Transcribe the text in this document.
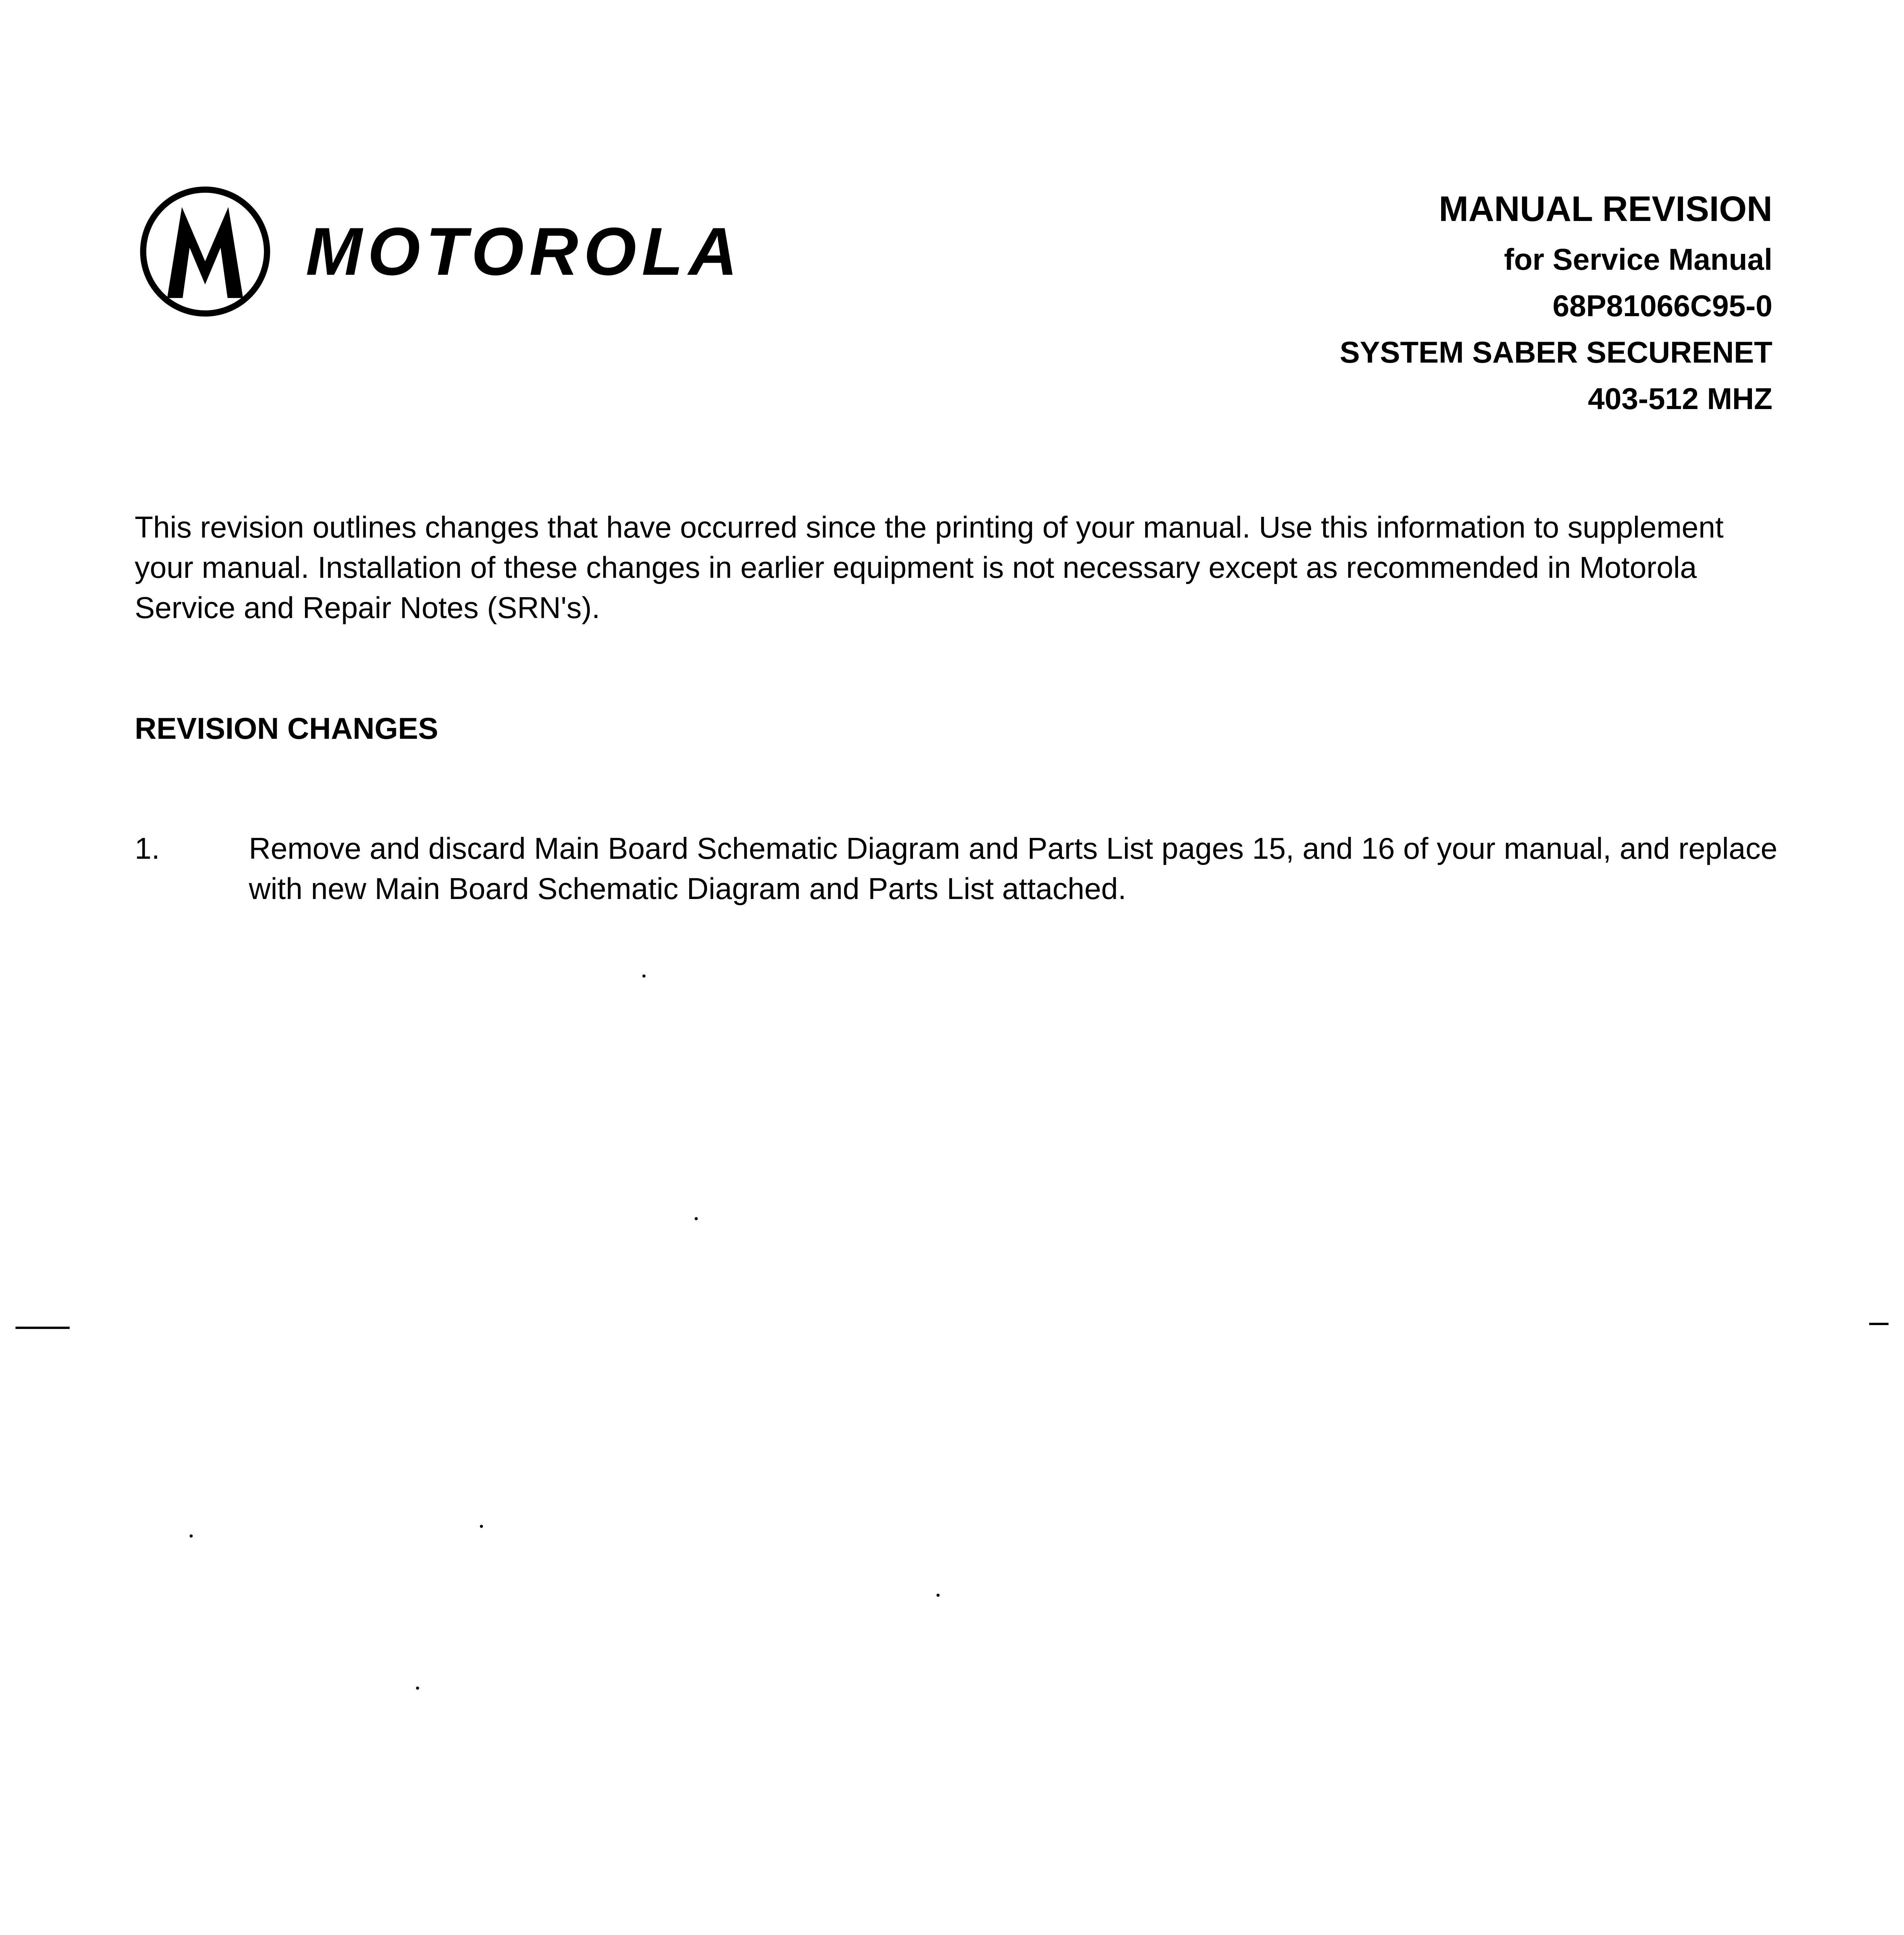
MOTOROLA
MANUAL REVISION
for Service Manual
68P81066C95-0
SYSTEM SABER SECURENET
403-512 MHZ

This revision outlines changes that have occurred since the printing of your manual. Use this information to supplement your manual. Installation of these changes in earlier equipment is not necessary except as recommended in Motorola Service and Repair Notes (SRN's).

REVISION CHANGES
1.	Remove and discard Main Board Schematic Diagram and Parts List pages 15, and 16 of your manual, and replace with new Main Board Schematic Diagram and Parts List attached.
